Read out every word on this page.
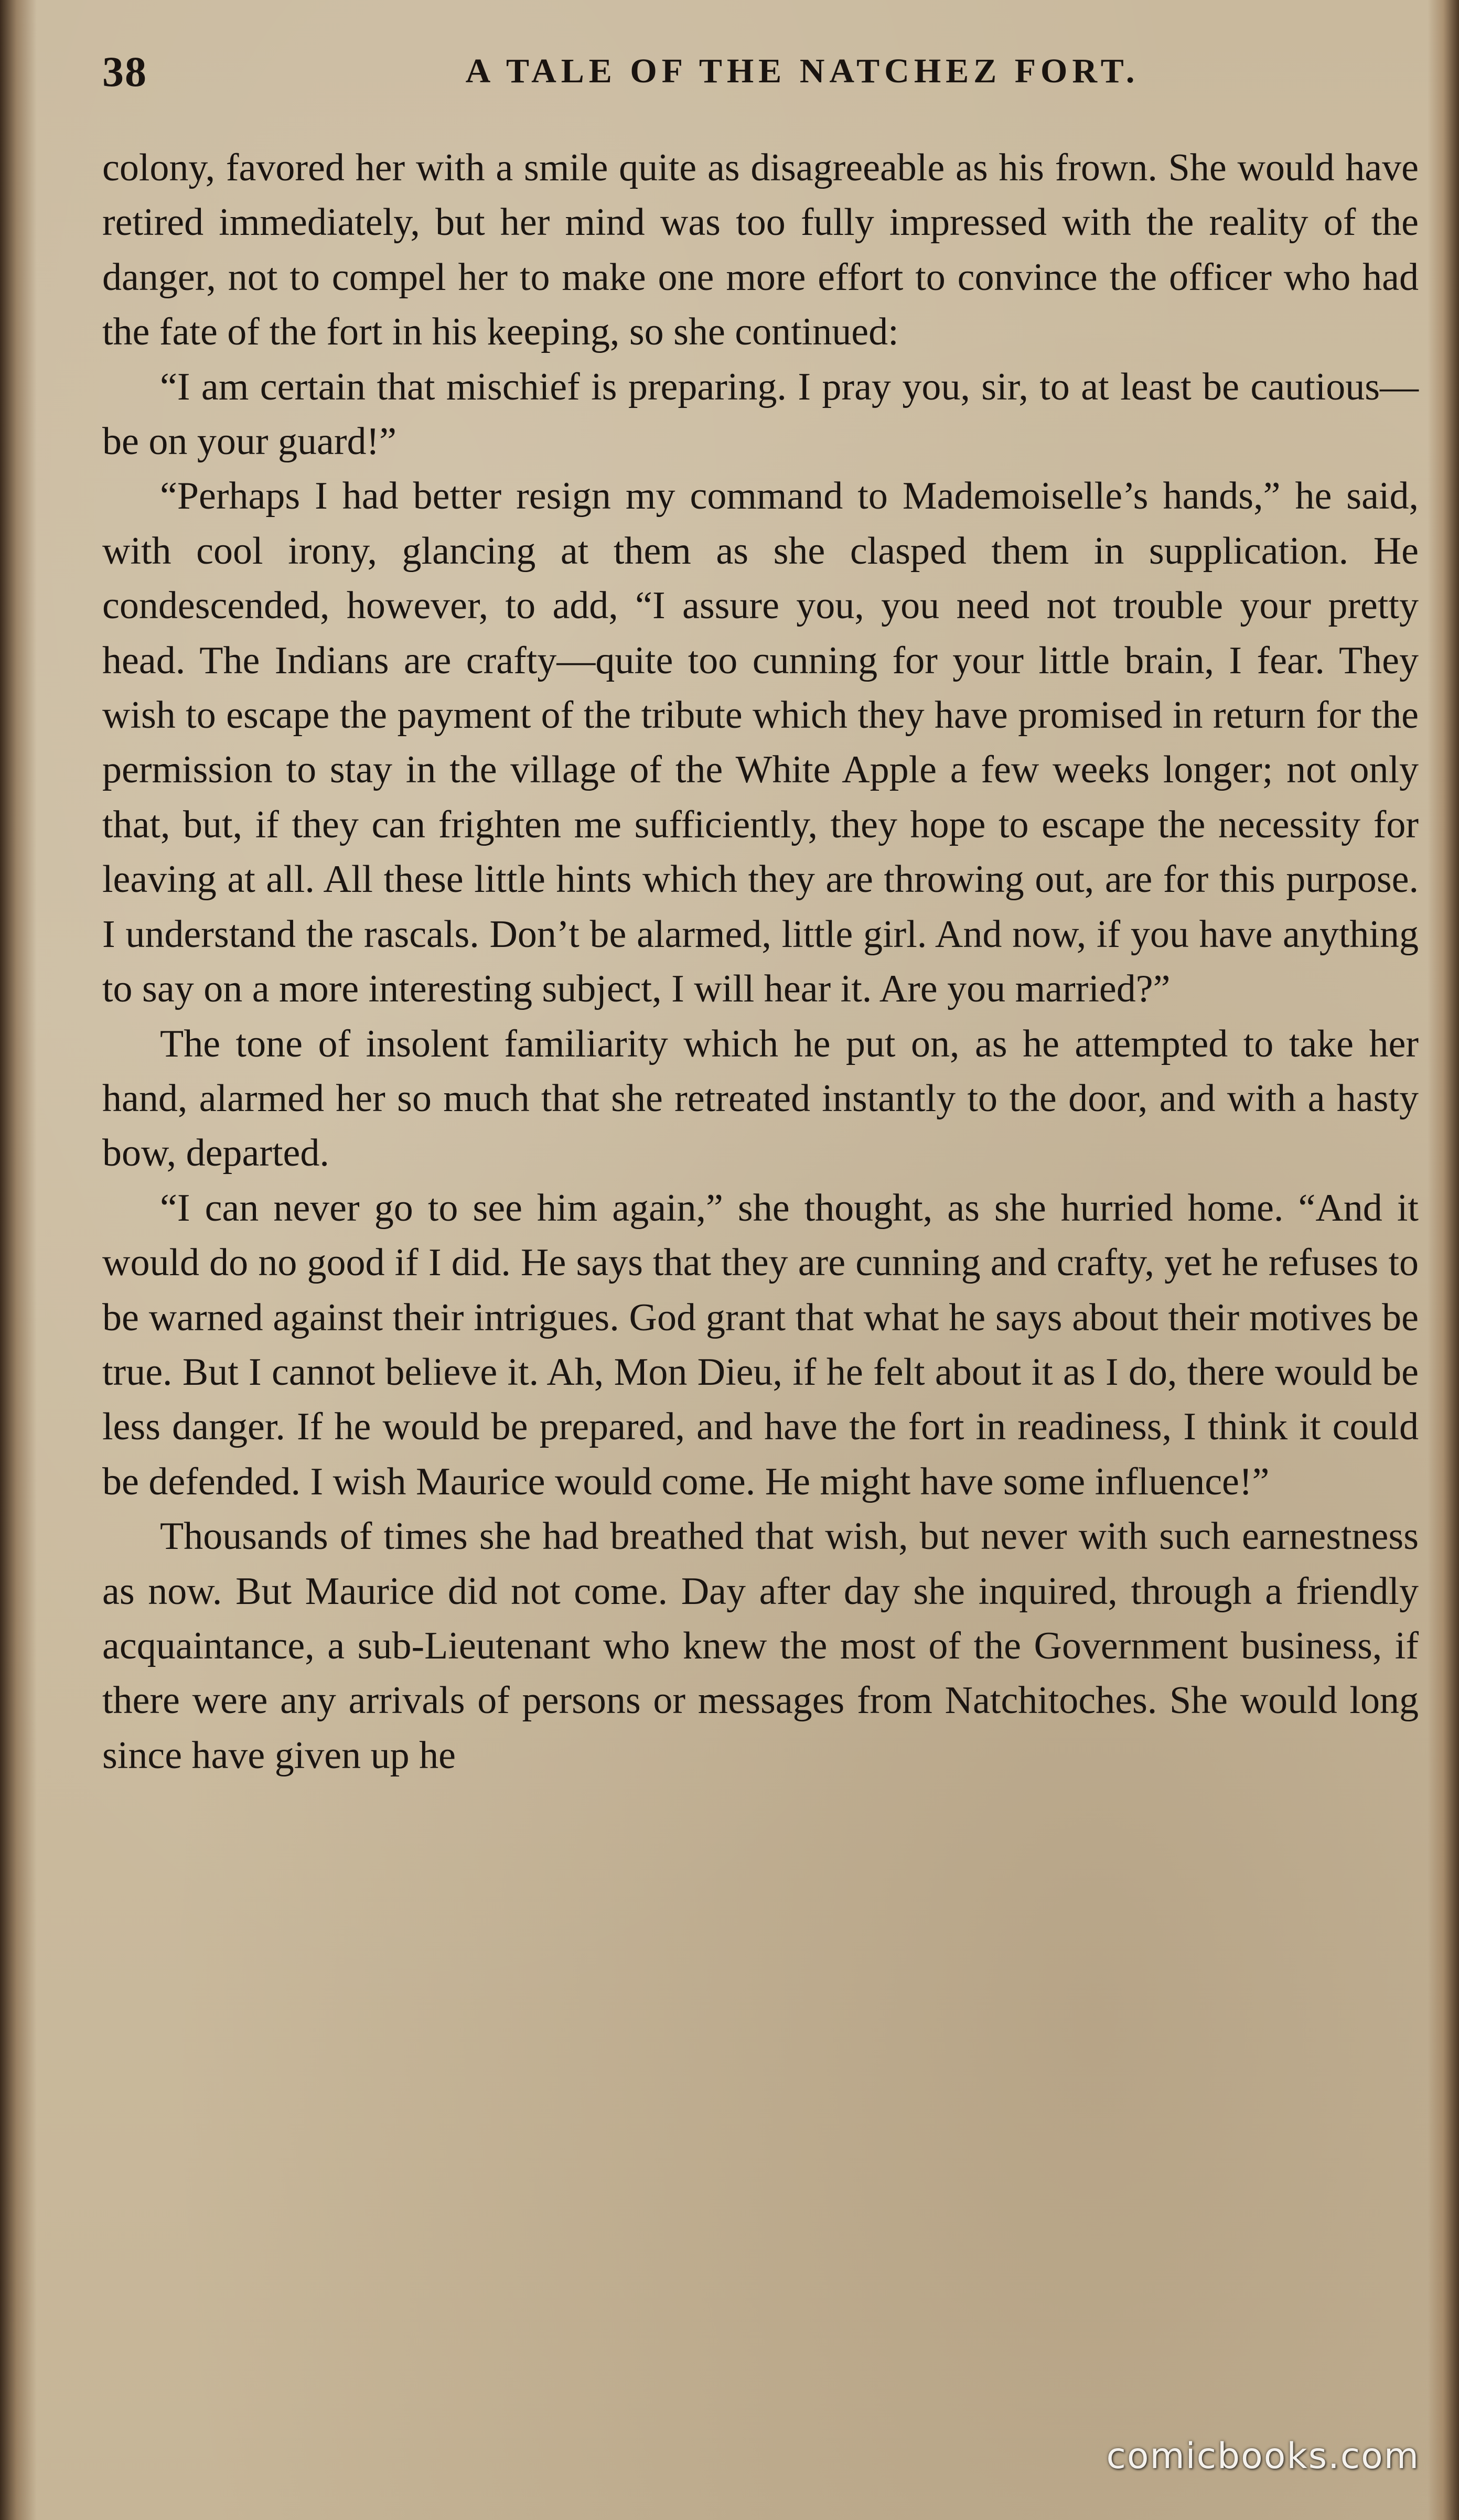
38	A TALE OF THE NATCHEZ FORT.

colony, favored her with a smile quite as disagreeable as his frown. She would have retired immediately, but her mind was too fully impressed with the reality of the danger, not to compel her to make one more effort to convince the officer who had the fate of the fort in his keeping, so she continued:

“I am certain that mischief is preparing. I pray you, sir, to at least be cautious—be on your guard!”

“Perhaps I had better resign my command to Mademoiselle’s hands,” he said, with cool irony, glancing at them as she clasped them in supplication. He condescended, however, to add, “I assure you, you need not trouble your pretty head. The Indians are crafty—quite too cunning for your little brain, I fear. They wish to escape the payment of the tribute which they have promised in return for the permission to stay in the village of the White Apple a few weeks longer; not only that, but, if they can frighten me sufficiently, they hope to escape the necessity for leaving at all. All these little hints which they are throwing out, are for this purpose. I understand the rascals. Don’t be alarmed, little girl. And now, if you have anything to say on a more interesting subject, I will hear it. Are you married?”

The tone of insolent familiarity which he put on, as he attempted to take her hand, alarmed her so much that she retreated instantly to the door, and with a hasty bow, departed.

“I can never go to see him again,” she thought, as she hurried home. “And it would do no good if I did. He says that they are cunning and crafty, yet he refuses to be warned against their intrigues. God grant that what he says about their motives be true. But I cannot believe it. Ah, Mon Dieu, if he felt about it as I do, there would be less danger. If he would be prepared, and have the fort in readiness, I think it could be defended. I wish Maurice would come. He might have some influence!”

Thousands of times she had breathed that wish, but never with such earnestness as now. But Maurice did not come. Day after day she inquired, through a friendly acquaintance, a sub-Lieutenant who knew the most of the Government business, if there were any arrivals of persons or messages from Natchitoches. She would long since have given up he

comicbooks.com
